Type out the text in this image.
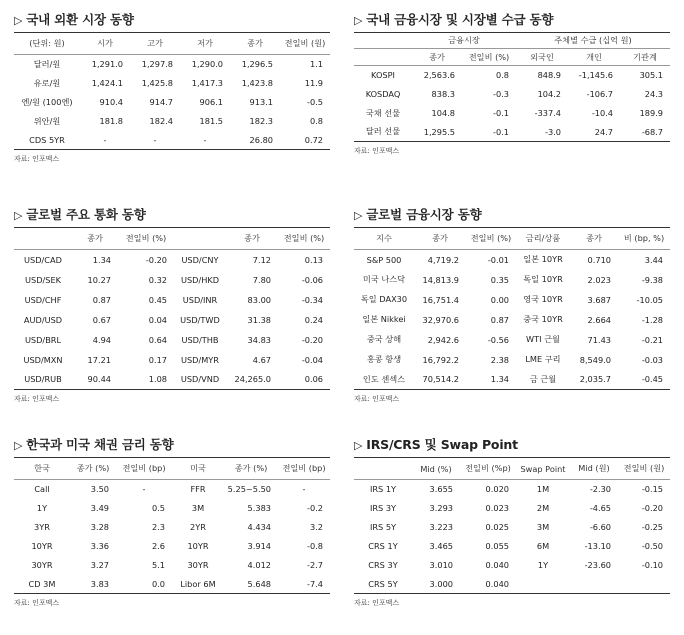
▷ 국내 외환 시장 동향
(단위: 원)	시가	고가	저가	종가	전일비 (원)
달러/원	1,291.0	1,297.8	1,290.0	1,296.5	1.1
유로/원	1,424.1	1,425.8	1,417.3	1,423.8	11.9
엔/원 (100엔)	910.4	914.7	906.1	913.1	-0.5
위안/원	181.8	182.4	181.5	182.3	0.8
CDS 5YR	-	-	-	26.80	0.72
자료: 인포맥스
▷ 국내 금융시장 및 시장별 수급 동향
	금융시장		주체별 수급 (십억 원)		
	종가	전일비 (%)	외국인	개인	기관계
KOSPI	2,563.6	0.8	848.9	-1,145.6	305.1
KOSDAQ	838.3	-0.3	104.2	-106.7	24.3
국채 선물	104.8	-0.1	-337.4	-10.4	189.9
달러 선물	1,295.5	-0.1	-3.0	24.7	-68.7
자료: 인포맥스
▷ 글로벌 주요 통화 동향
	종가	전일비 (%)		종가	전일비 (%)
USD/CAD	1.34	-0.20	USD/CNY	7.12	0.13
USD/SEK	10.27	0.32	USD/HKD	7.80	-0.06
USD/CHF	0.87	0.45	USD/INR	83.00	-0.34
AUD/USD	0.67	0.04	USD/TWD	31.38	0.24
USD/BRL	4.94	0.64	USD/THB	34.83	-0.20
USD/MXN	17.21	0.17	USD/MYR	4.67	-0.04
USD/RUB	90.44	1.08	USD/VND	24,265.0	0.06
자료: 인포맥스
▷ 글로벌 금융시장 동향
지수	종가	전일비 (%)	금리/상품	종가	비 (bp, %)
S&P 500	4,719.2	-0.01	일본 10YR	0.710	3.44
미국 나스닥	14,813.9	0.35	독일 10YR	2.023	-9.38
독일 DAX30	16,751.4	0.00	영국 10YR	3.687	-10.05
일본 Nikkei	32,970.6	0.87	중국 10YR	2.664	-1.28
중국 상해	2,942.6	-0.56	WTI 근월	71.43	-0.21
홍콩 항생	16,792.2	2.38	LME 구리	8,549.0	-0.03
인도 센섹스	70,514.2	1.34	금 근월	2,035.7	-0.45
자료: 인포맥스
▷ 한국과 미국 채권 금리 동향
한국	종가 (%)	전일비 (bp)	미국	종가 (%)	전일비 (bp)
Call	3.50	-	FFR	5.25~5.50	-
1Y	3.49	0.5	3M	5.383	-0.2
3YR	3.28	2.3	2YR	4.434	3.2
10YR	3.36	2.6	10YR	3.914	-0.8
30YR	3.27	5.1	30YR	4.012	-2.7
CD 3M	3.83	0.0	Libor 6M	5.648	-7.4
자료: 인포맥스
▷ IRS/CRS 및 Swap Point
	Mid (%)	전일비 (%p)	Swap Point	Mid (원)	전일비 (원)
IRS 1Y	3.655	0.020	1M	-2.30	-0.15
IRS 3Y	3.293	0.023	2M	-4.65	-0.20
IRS 5Y	3.223	0.025	3M	-6.60	-0.25
CRS 1Y	3.465	0.055	6M	-13.10	-0.50
CRS 3Y	3.010	0.040	1Y	-23.60	-0.10
CRS 5Y	3.000	0.040			
자료: 인포맥스
